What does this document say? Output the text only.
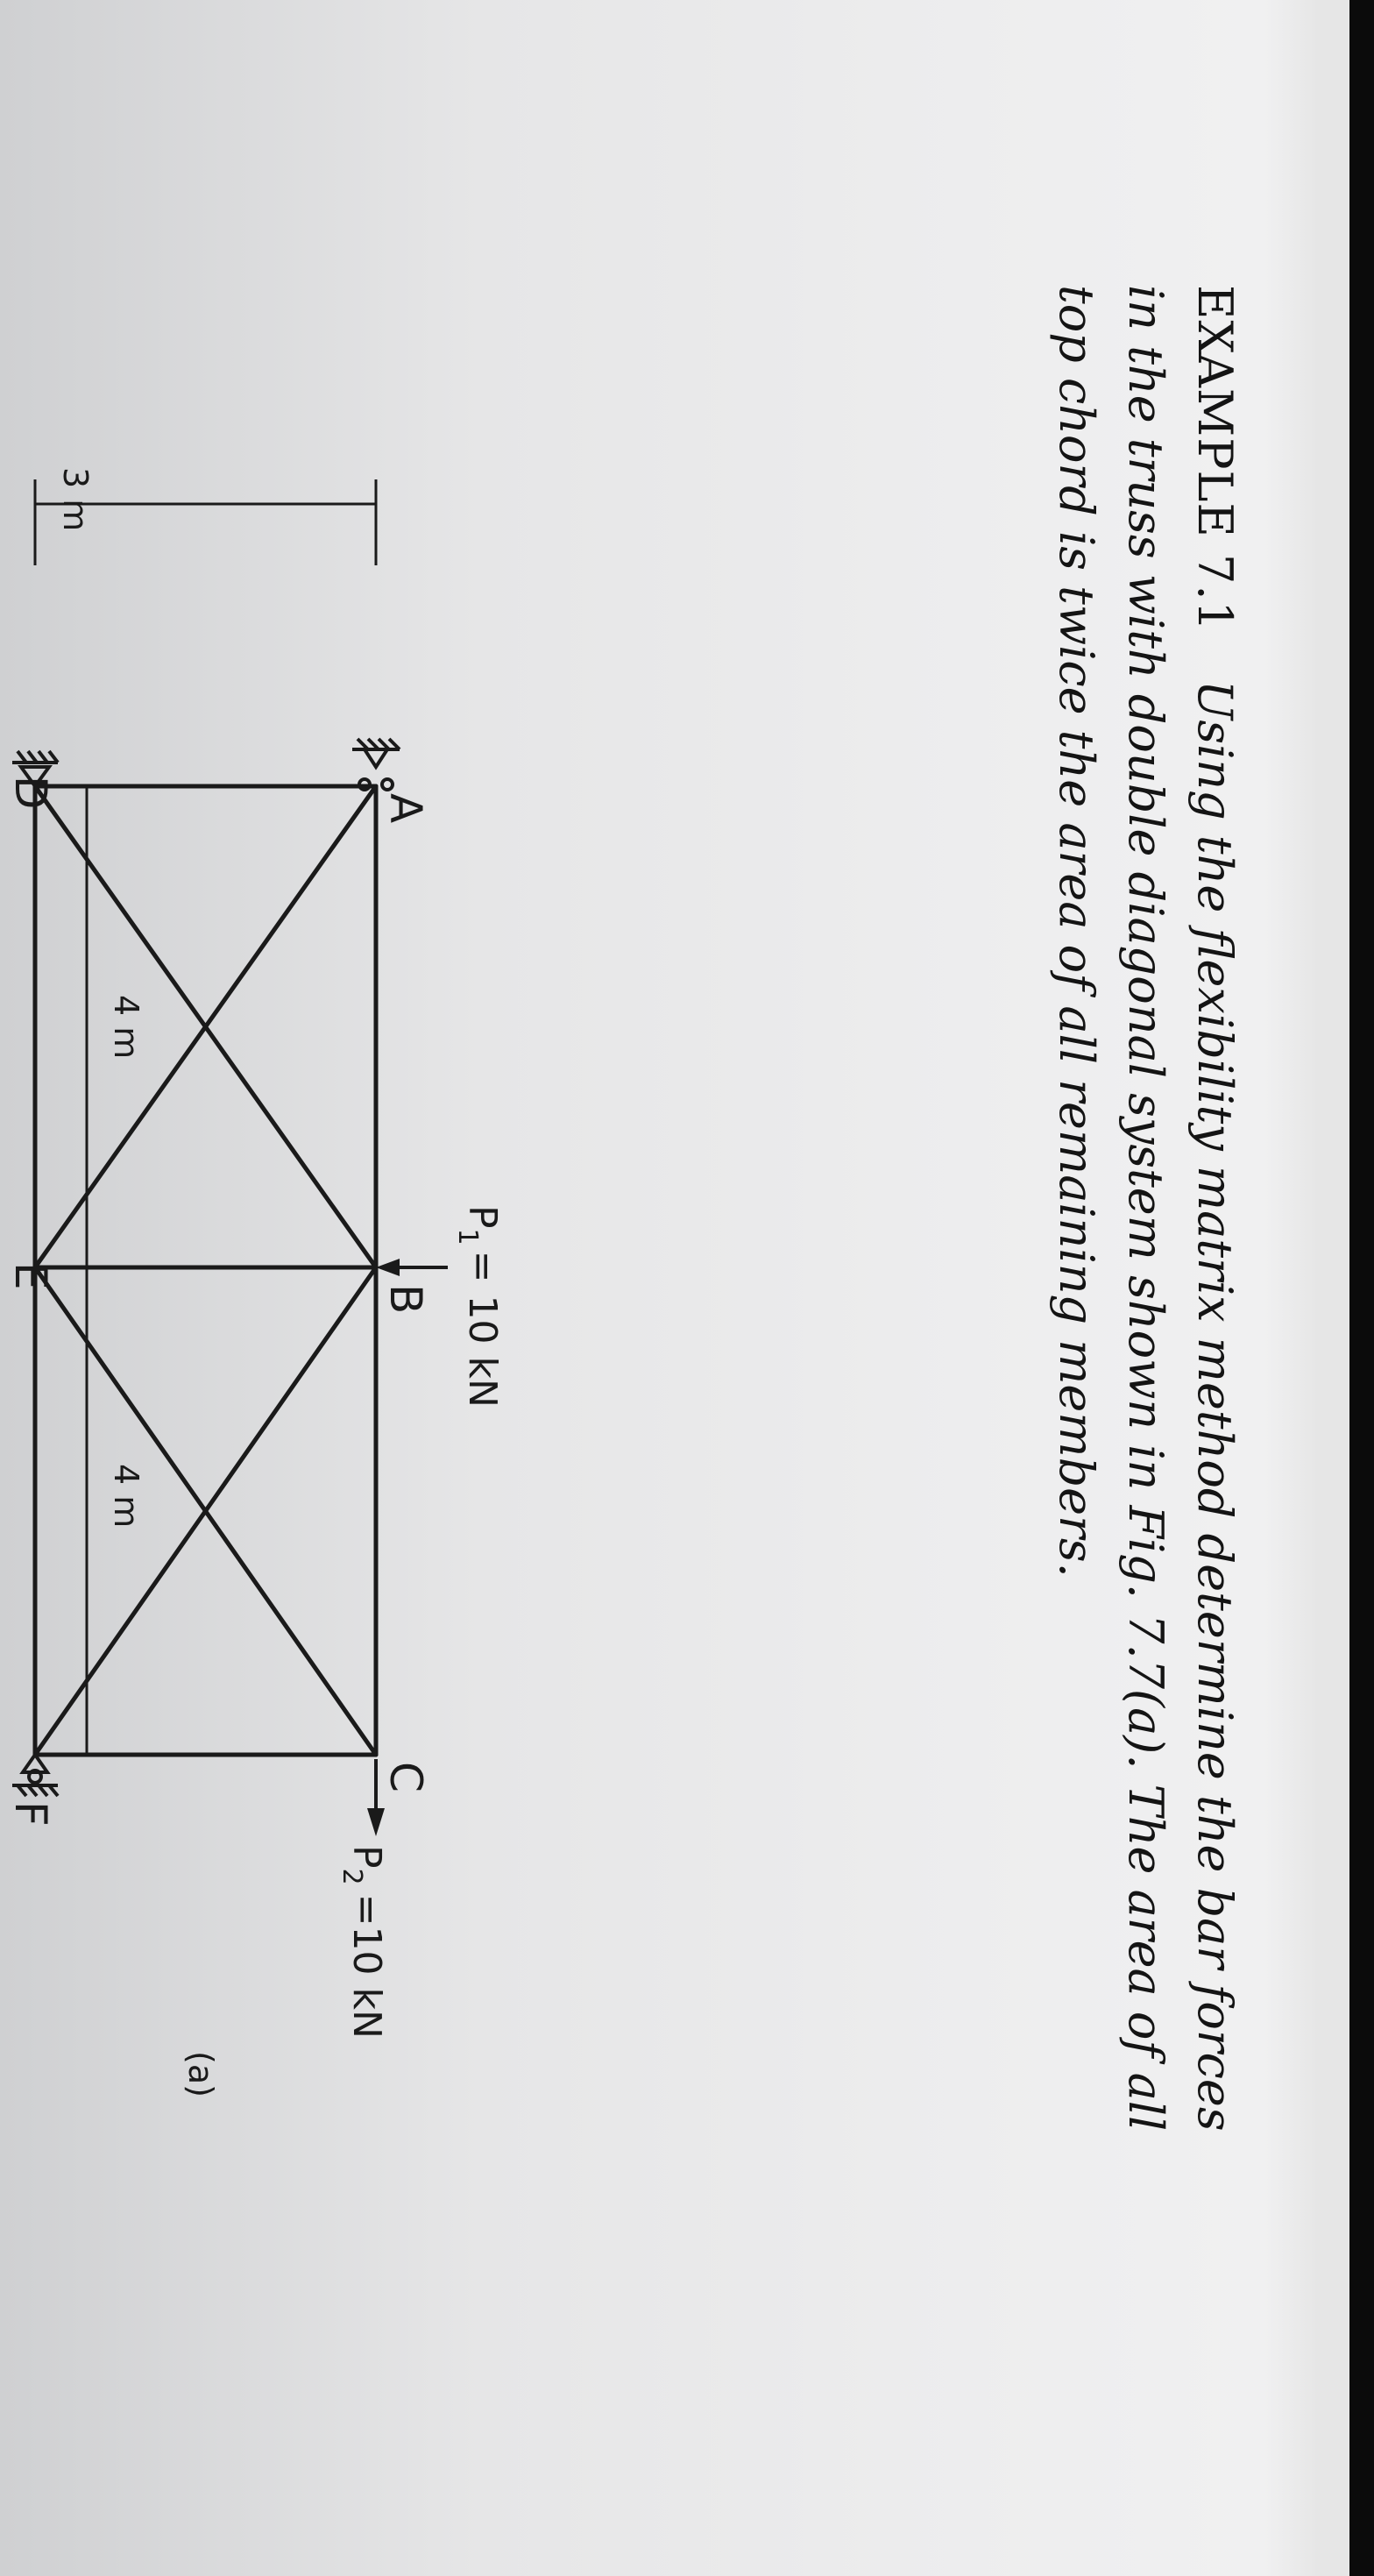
EXAMPLE 7.1Using the flexibility matrix method determine the bar forces
in the truss with double diagonal system shown in Fig. 7.7(a). The area of all
top chord is twice the area of all remaining members.
A
B
C
D
E
F
$P_1= 10$ kN
$P_2=10$ kN
3 m
4 m
4 m
(a)
